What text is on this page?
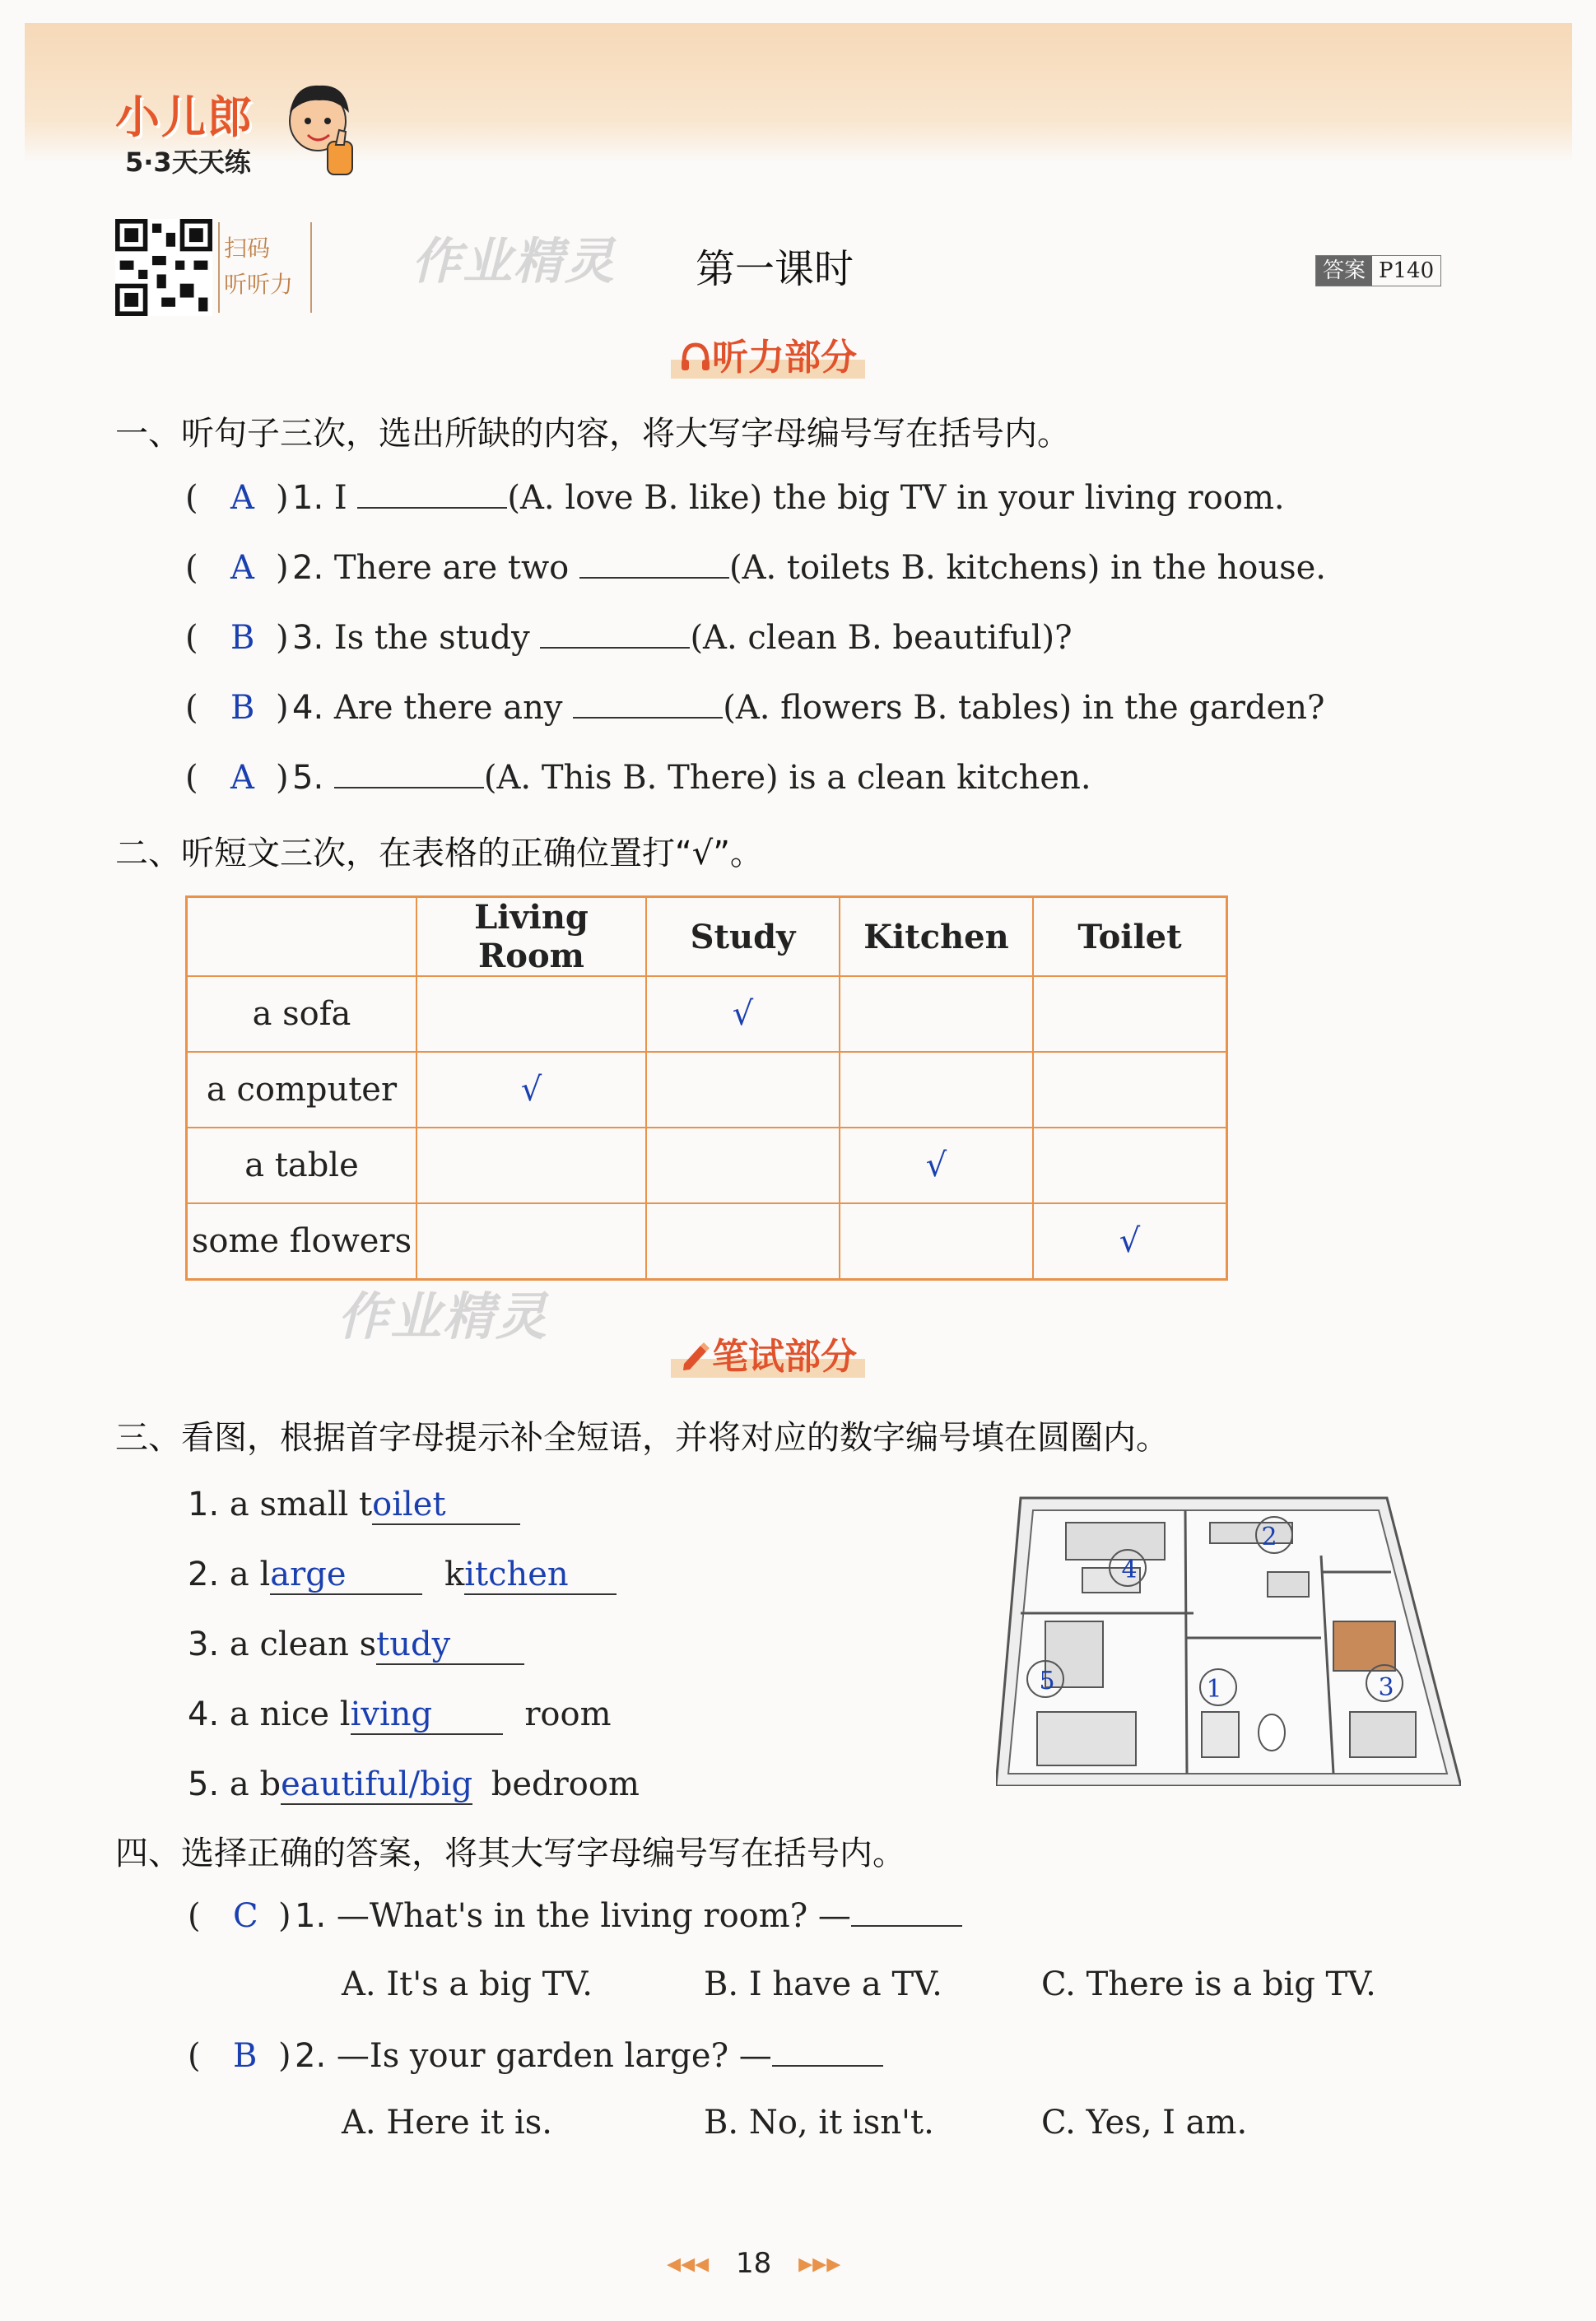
小儿郎
5·3天天练
扫码
听听力 作业精灵 第一课时	答案 P140
听力部分
一、听句子三次，选出所缺的内容，将大写字母编号写在括号内。
( A ) 1. I	(A. love B. like) the big TV in your living room.
( A ) 2. There are two	(A. toilets B. kitchens) in the house.
( B ) 3. Is the study	(A. clean B. beautiful)?
( B ) 4. Are there any	(A. flowers B. tables) in the garden?
( A ) 5.	(A. This B. There) is a clean kitchen.
二、听短文三次，在表格的正确位置打“√”。
	Living Room	Study	Kitchen	Toilet
a sofa		√		
a computer	√			
a table			√	
some flowers				√
作业精灵
笔试部分
三、看图，根据首字母提示补全短语，并将对应的数字编号填在圆圈内。
1. a small toilet
2. a large	kitchen
3. a clean study
4. a nice living	room
5. a beautiful/big bedroom
1
2
3
4
5
四、选择正确的答案，将其大写字母编号写在括号内。
( C ) 1. —What's in the living room? —
A. It's a big TV.	B. I have a TV.	C. There is a big TV.
( B ) 2. —Is your garden large? —
A. Here it is.	B. No, it isn't.	C. Yes, I am.
◂◂◂ 18 ▸▸▸
